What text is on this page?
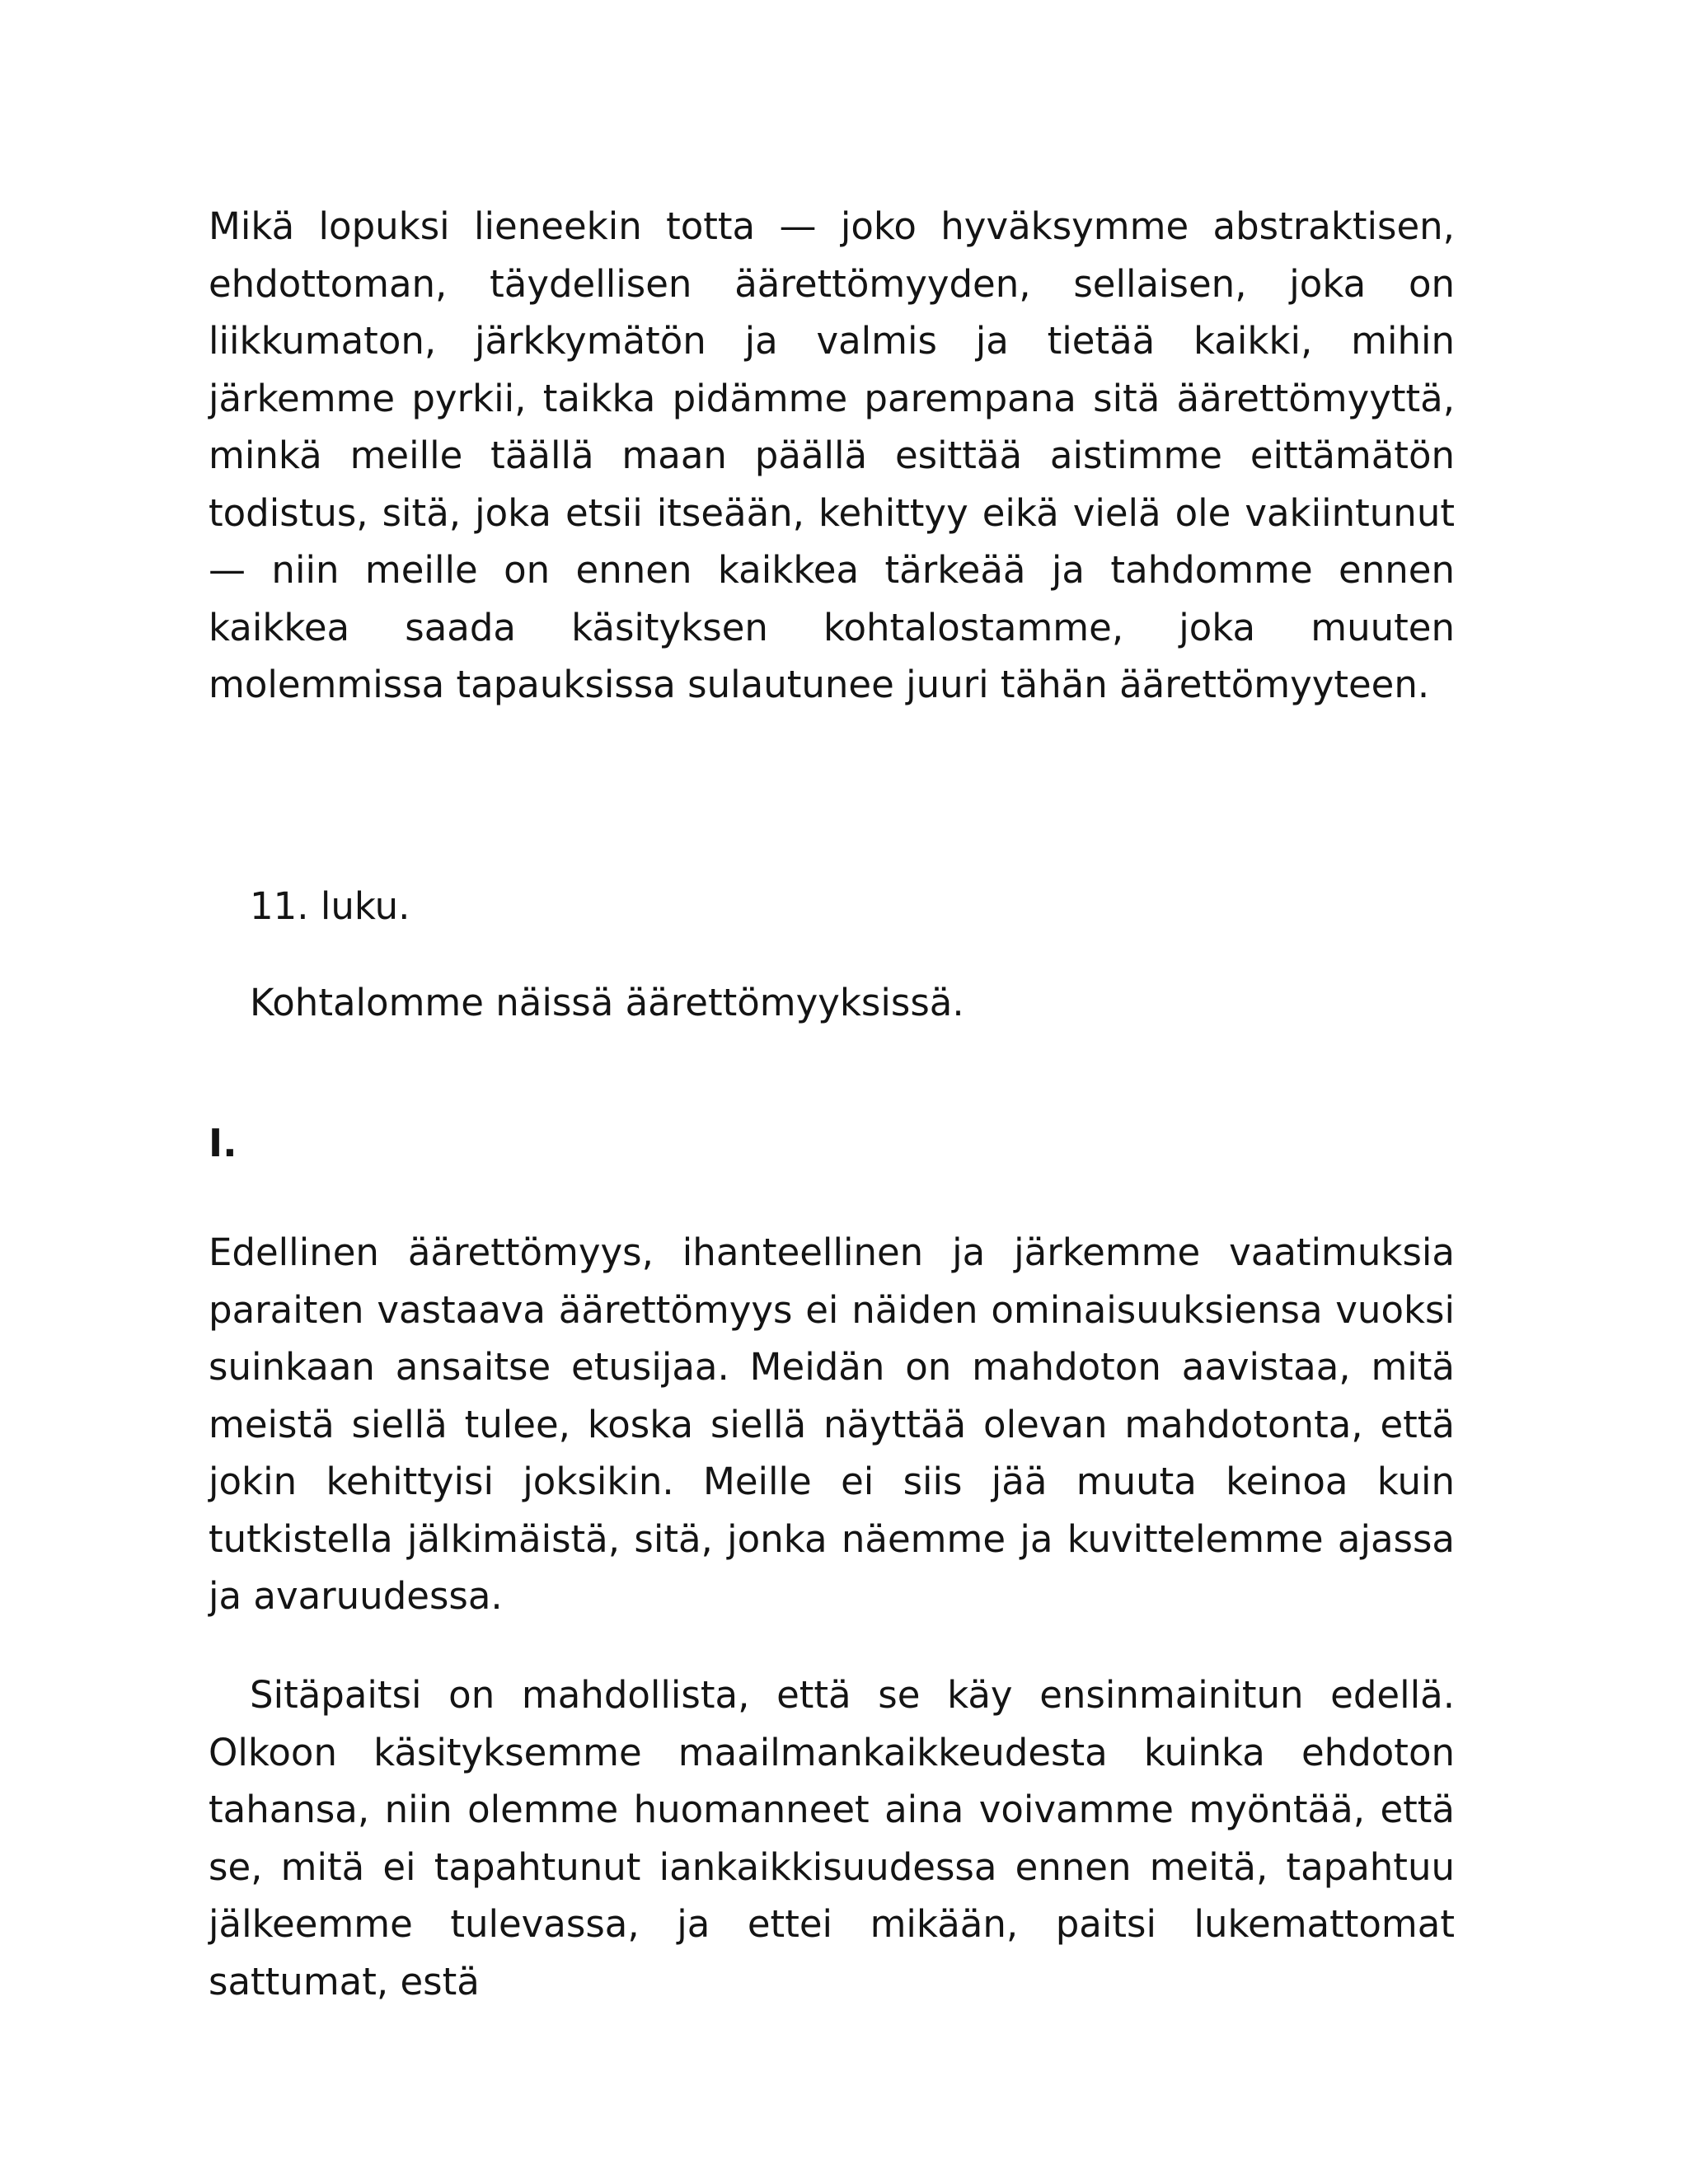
Mikä lopuksi lieneekin totta — joko hyväksymme abstraktisen, ehdottoman, täydellisen äärettömyyden, sellaisen, joka on liikkumaton, järkkymätön ja valmis ja tietää kaikki, mihin järkemme pyrkii, taikka pidämme parempana sitä äärettömyyttä, minkä meille täällä maan päällä esittää aistimme eittämätön todistus, sitä, joka etsii itseään, kehittyy eikä vielä ole vakiintunut — niin meille on ennen kaikkea tärkeää ja tahdomme ennen kaikkea saada käsityksen kohtalostamme, joka muuten molemmissa tapauksissa sulautunee juuri tähän äärettömyyteen.

11. luku.

Kohtalomme näissä äärettömyyksissä.

I.

Edellinen äärettömyys, ihanteellinen ja järkemme vaatimuksia paraiten vastaava äärettömyys ei näiden ominaisuuksiensa vuoksi suinkaan ansaitse etusijaa. Meidän on mahdoton aavistaa, mitä meistä siellä tulee, koska siellä näyttää olevan mahdotonta, että jokin kehittyisi joksikin. Meille ei siis jää muuta keinoa kuin tutkistella jälkimäistä, sitä, jonka näemme ja kuvittelemme ajassa ja avaruudessa.

Sitäpaitsi on mahdollista, että se käy ensinmainitun edellä. Olkoon käsityksemme maailmankaikkeudesta kuinka ehdoton tahansa, niin olemme huomanneet aina voivamme myöntää, että se, mitä ei tapahtunut iankaikkisuudessa ennen meitä, tapahtuu jälkeemme tulevassa, ja ettei mikään, paitsi lukemattomat sattumat, estä
